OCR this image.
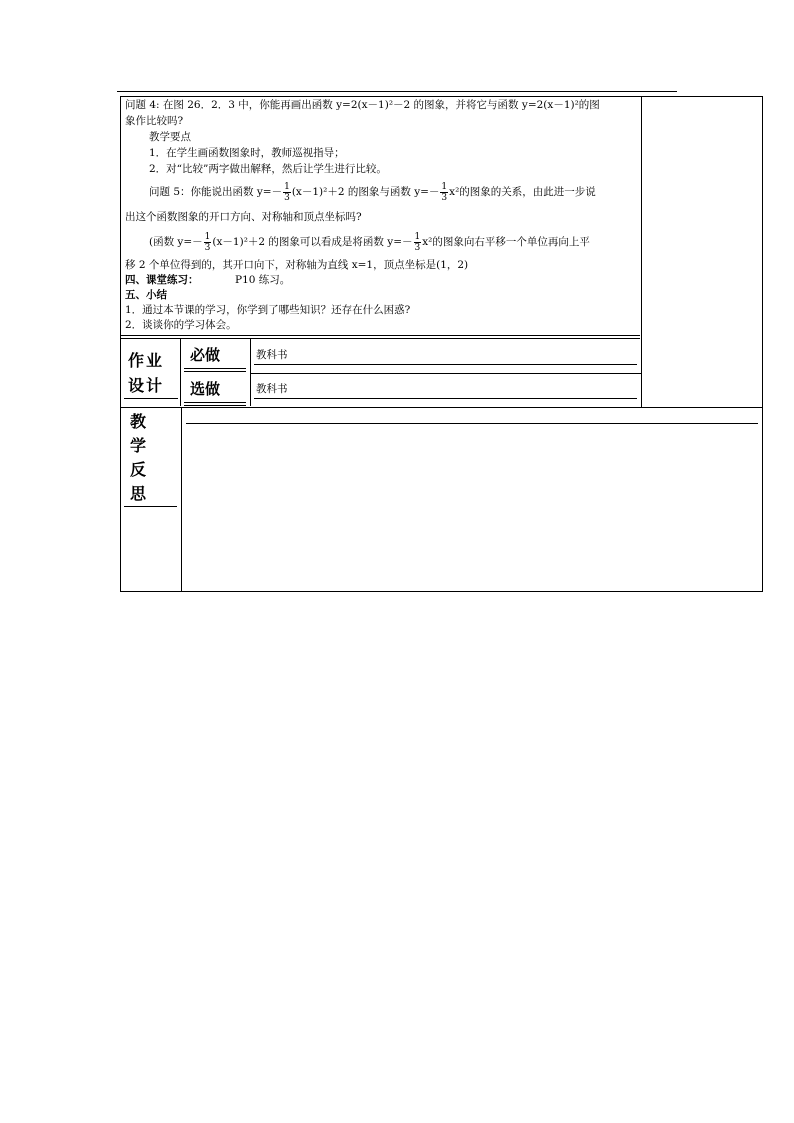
问题 4: 在图 26．2．3 中，你能再画出函数 y=2(x－1)²－2 的图象，并将它与函数 y=2(x－1)²的图
象作比较吗?
教学要点
1．在学生画函数图象时，教师巡视指导；
2．对“比较”两字做出解释，然后让学生进行比较。
问题 5：你能说出函数 $y=- \frac{1}{3} (x-1)^2+2$ 的图象与函数 $y=- \frac{1}{3} x^2$的图象的关系，由此进一步说
出这个函数图象的开口方向、对称轴和顶点坐标吗?
(函数 $y=- \frac{1}{3} (x-1)^2+2$ 的图象可以看成是将函数 $y=- \frac{1}{3} x^2$的图象向右平移一个单位再向上平
移 2 个单位得到的，其开口向下，对称轴为直线 x=1，顶点坐标是(1，2)
四、课堂练习：	P10 练习。
五、小结
1．通过本节课的学习，你学到了哪些知识？还存在什么困惑?
2．谈谈你的学习体会。
作业
设计
必做	教科书
选做	教科书
教
学
反
思
